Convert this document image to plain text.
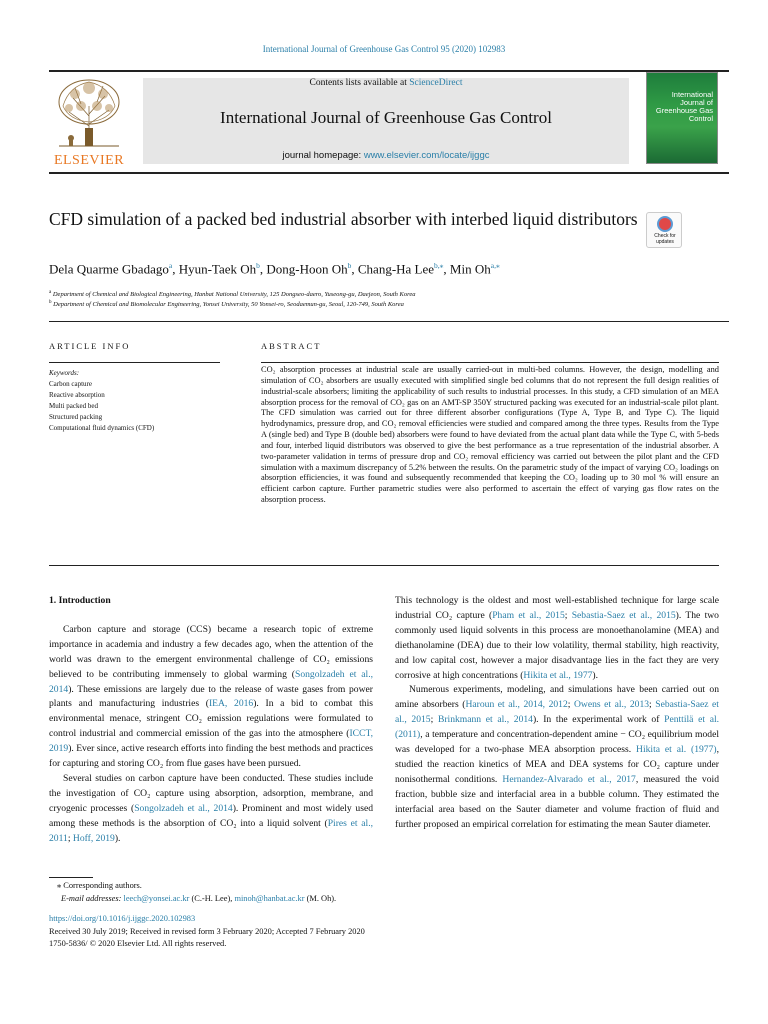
International Journal of Greenhouse Gas Control 95 (2020) 102983
ELSEVIER
Contents lists available at ScienceDirect
International Journal of Greenhouse Gas Control
journal homepage: www.elsevier.com/locate/ijggc
International Journal of Greenhouse Gas Control
CFD simulation of a packed bed industrial absorber with interbed liquid distributors
Check for updates
Dela Quarme Gbadago$^a$, Hyun-Taek Oh$^b$, Dong-Hoon Oh$^b$, Chang-Ha Lee$^{b,⁎}$, Min $Oh^{a,⁎}$
$^a$ Department of Chemical and Biological Engineering, Hanbat National University, 125 Dongseo-daero, Yuseong-gu, Daejeon, South Korea
$^b$ Department of Chemical and Biomolecular Engineering, Yonsei University, 50 Yonsei-ro, Seodaemun-gu, Seoul, 120-749, South Korea
ARTICLE INFO
Keywords:
Carbon capture
Reactive absorption
Multi packed bed
Structured packing
Computational fluid dynamics (CFD)
ABSTRACT
CO₂ absorption processes at industrial scale are usually carried-out in multi-bed columns. However, the design, modelling and simulation of CO₂ absorbers are usually executed with simplified single bed columns that do not represent the full design realities of industrial-scale absorbers; limiting the applicability of such results to industrial processes. In this study, a CFD simulation of an MEA absorption process for the removal of CO₂ gas on an AMT-SP 350Y structured packing was executed for an industrial-scale pilot plant. The CFD simulation was carried out for three different absorber configurations (Type A, Type B, and Type C). The liquid hydrodynamics, pressure drop, and CO₂ removal efficiencies were studied and compared among the three types. Results from the Type A (single bed) and Type B (double bed) absorbers were found to have deviated from the actual plant data while the Type C, with 5-beds and four, interbed liquid distributors was observed to give the best performance as a true representation of the industrial absorber. A two-parameter validation in terms of pressure drop and CO₂ removal efficiency was carried out between the pilot plant and the CFD simulation with a maximum discrepancy of 5.2% between the results. On the parametric study of the impact of varying CO₂ loadings on absorption efficiencies, it was found and subsequently recommended that keeping the CO₂ loading up to 30 mol % will ensure an efficient carbon capture. Further parametric studies were also performed to ascertain the effect of varying gas flow rates on the absorption process.

1. Introduction

Carbon capture and storage (CCS) became a research topic of extreme importance in academia and industry a few decades ago, when the attention of the world was drawn to the emergent environmental challenge of CO₂ emissions believed to be contributing immensely to global warming (Songolzadeh et al., 2014). These emissions are largely due to the release of waste gases from power plants and manufacturing industries (IEA, 2016). In a bid to combat this environmental menace, stringent CO₂ emission regulations were formulated to control industrial and commercial emission of the gas into the atmosphere (ICCT, 2019). Ever since, active research efforts into finding the best methods and practices for capturing and storing CO₂ from flue gases have been pursued.

Several studies on carbon capture have been conducted. These studies include the investigation of CO₂ capture using absorption, adsorption, membrane, and cryogenic processes (Songolzadeh et al., 2014). Prominent and most widely used among these methods is the absorption of CO₂ into a liquid solvent (Pires et al., 2011; Hoff, 2019).

This technology is the oldest and most well-established technique for large scale industrial CO₂ capture (Pham et al., 2015; Sebastia-Saez et al., 2015). The two commonly used liquid solvents in this process are monoethanolamine (MEA) and diethanolamine (DEA) due to their low volatility, thermal stability, high reactivity, and low capital cost, however a major disadvantage lies in the fact they are very corrosive at high concentrations (Hikita et al., 1977).

Numerous experiments, modeling, and simulations have been carried out on amine absorbers (Haroun et al., 2014, 2012; Owens et al., 2013; Sebastia-Saez et al., 2015; Brinkmann et al., 2014). In the experimental work of Penttilä et al. (2011), a temperature and concentration-dependent amine − CO₂ equilibrium model was developed for a two-phase MEA absorption process. Hikita et al. (1977), studied the reaction kinetics of MEA and DEA systems for CO₂ capture under nonisothermal conditions. Hernandez-Alvarado et al., 2017, measured the void fraction, bubble size and interfacial area in a bubble column. They estimated the interfacial area based on the Sauter diameter and volume fraction of fluid and further proposed an empirical correlation for estimating the mean Sauter diameter.

⁎ Corresponding authors.
E-mail addresses: leech@yonsei.ac.kr (C.-H. Lee), minoh@hanbat.ac.kr (M. Oh).
https://doi.org/10.1016/j.ijggc.2020.102983
Received 30 July 2019; Received in revised form 3 February 2020; Accepted 7 February 2020
1750-5836/ © 2020 Elsevier Ltd. All rights reserved.
